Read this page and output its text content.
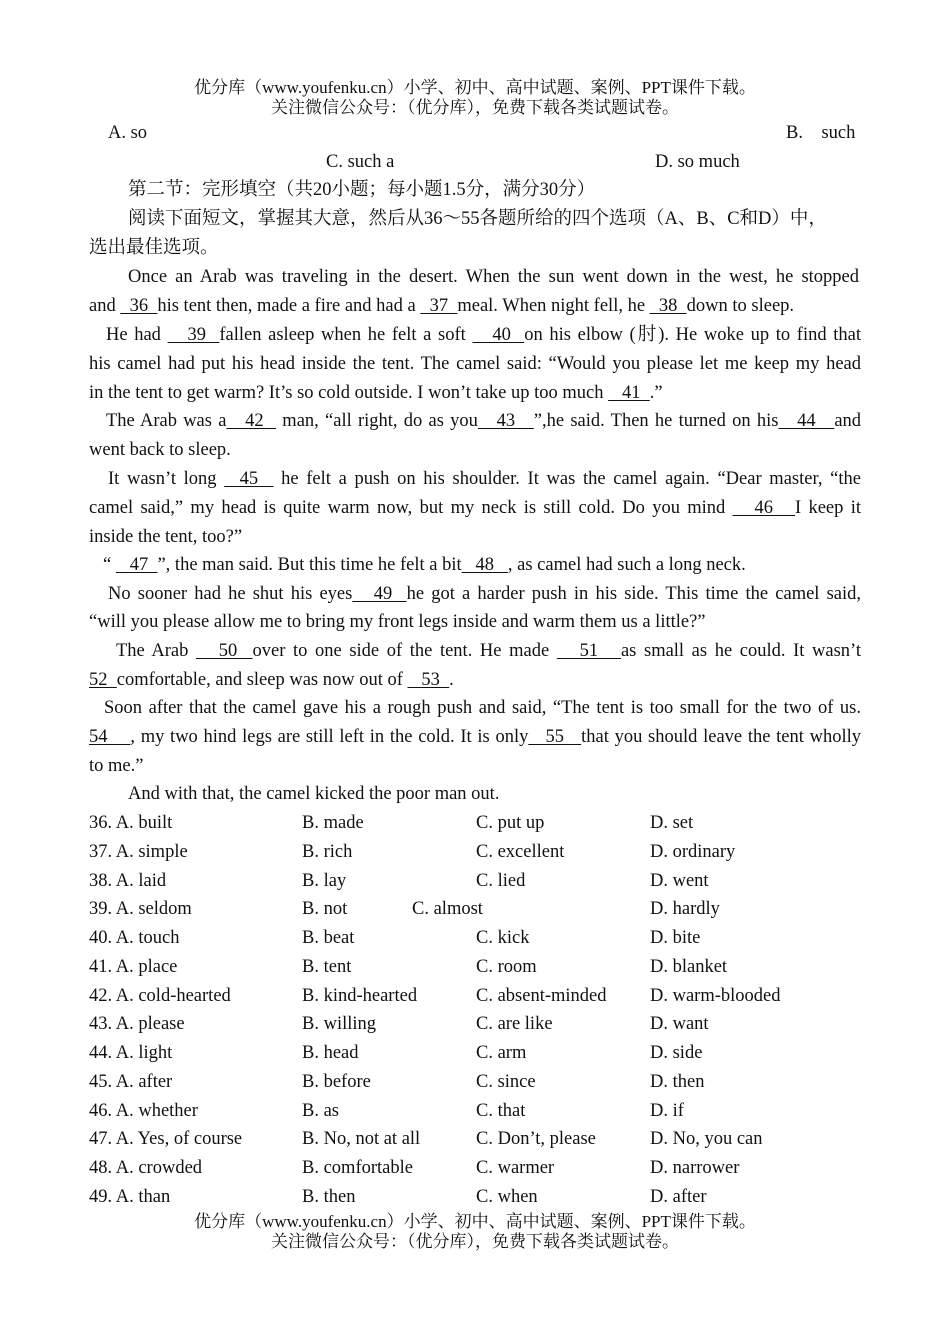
优分库（www.youfenku.cn）小学、初中、高中试题、案例、PPT课件下载。
关注微信公众号：（优分库），免费下载各类试题试卷。
A. so	B.    such
C. such a	D. so much
第二节：完形填空（共20小题；每小题1.5分，满分30分）
阅读下面短文，掌握其大意，然后从36～55各题所给的四个选项（A、B、C和D）中，
选出最佳选项。
Once an Arab was traveling in the desert. When the sun went down in the west, he stopped
and   36  his tent then, made a fire and had a   37  meal. When night fell, he   38  down to sleep.
He had    39  fallen asleep when he felt a soft    40  on his elbow (肘). He woke up to find that
his camel had put his head inside the tent. The camel said: “Would you please let me keep my head
in the tent to get warm? It’s so cold outside. I won’t take up too much    41  .”
The Arab was a   42   man, “all right, do as you   43   ”,he said. Then he turned on his   44   and
went back to sleep.
It wasn’t long   45   he felt a push on his shoulder. It was the camel again. “Dear master, “the
camel said,” my head is quite warm now, but my neck is still cold. Do you mind    46   I keep it
inside the tent, too?”
“    47  ”, the man said. But this time he felt a bit   48   , as camel had such a long neck.
No sooner had he shut his eyes   49  he got a harder push in his side. This time the camel said,
“will you please allow me to bring my front legs inside and warm them us a little?”
The Arab    50  over to one side of the tent. He made    51   as small as he could. It wasn’t
52  comfortable, and sleep was now out of    53  .
Soon after that the camel gave his a rough push and said, “The tent is too small for the two of us.
54    , my two hind legs are still left in the cold. It is only   55   that you should leave the tent wholly
to me.”
And with that, the camel kicked the poor man out.
36. A. built	B. made	C. put up	D. set
37. A. simple	B. rich	C. excellent	D. ordinary
38. A. laid	B. lay	C. lied	D. went
39. A. seldom	B. not	C. almost	D. hardly
40. A. touch	B. beat	C. kick	D. bite
41. A. place	B. tent	C. room	D. blanket
42. A. cold-hearted	B. kind-hearted	C. absent-minded D. warm-blooded
43. A. please	B. willing	C. are like	D. want
44. A. light	B. head	C. arm	D. side
45. A. after	B. before	C. since	D. then
46. A. whether	B. as	C. that	D. if
47. A. Yes, of course	B. No, not at all	C. Don’t, please	D. No, you can
48. A. crowded	B. comfortable	C. warmer	D. narrower
49. A. than	B. then	C. when	D. after
优分库（www.youfenku.cn）小学、初中、高中试题、案例、PPT课件下载。
关注微信公众号：（优分库），免费下载各类试题试卷。
